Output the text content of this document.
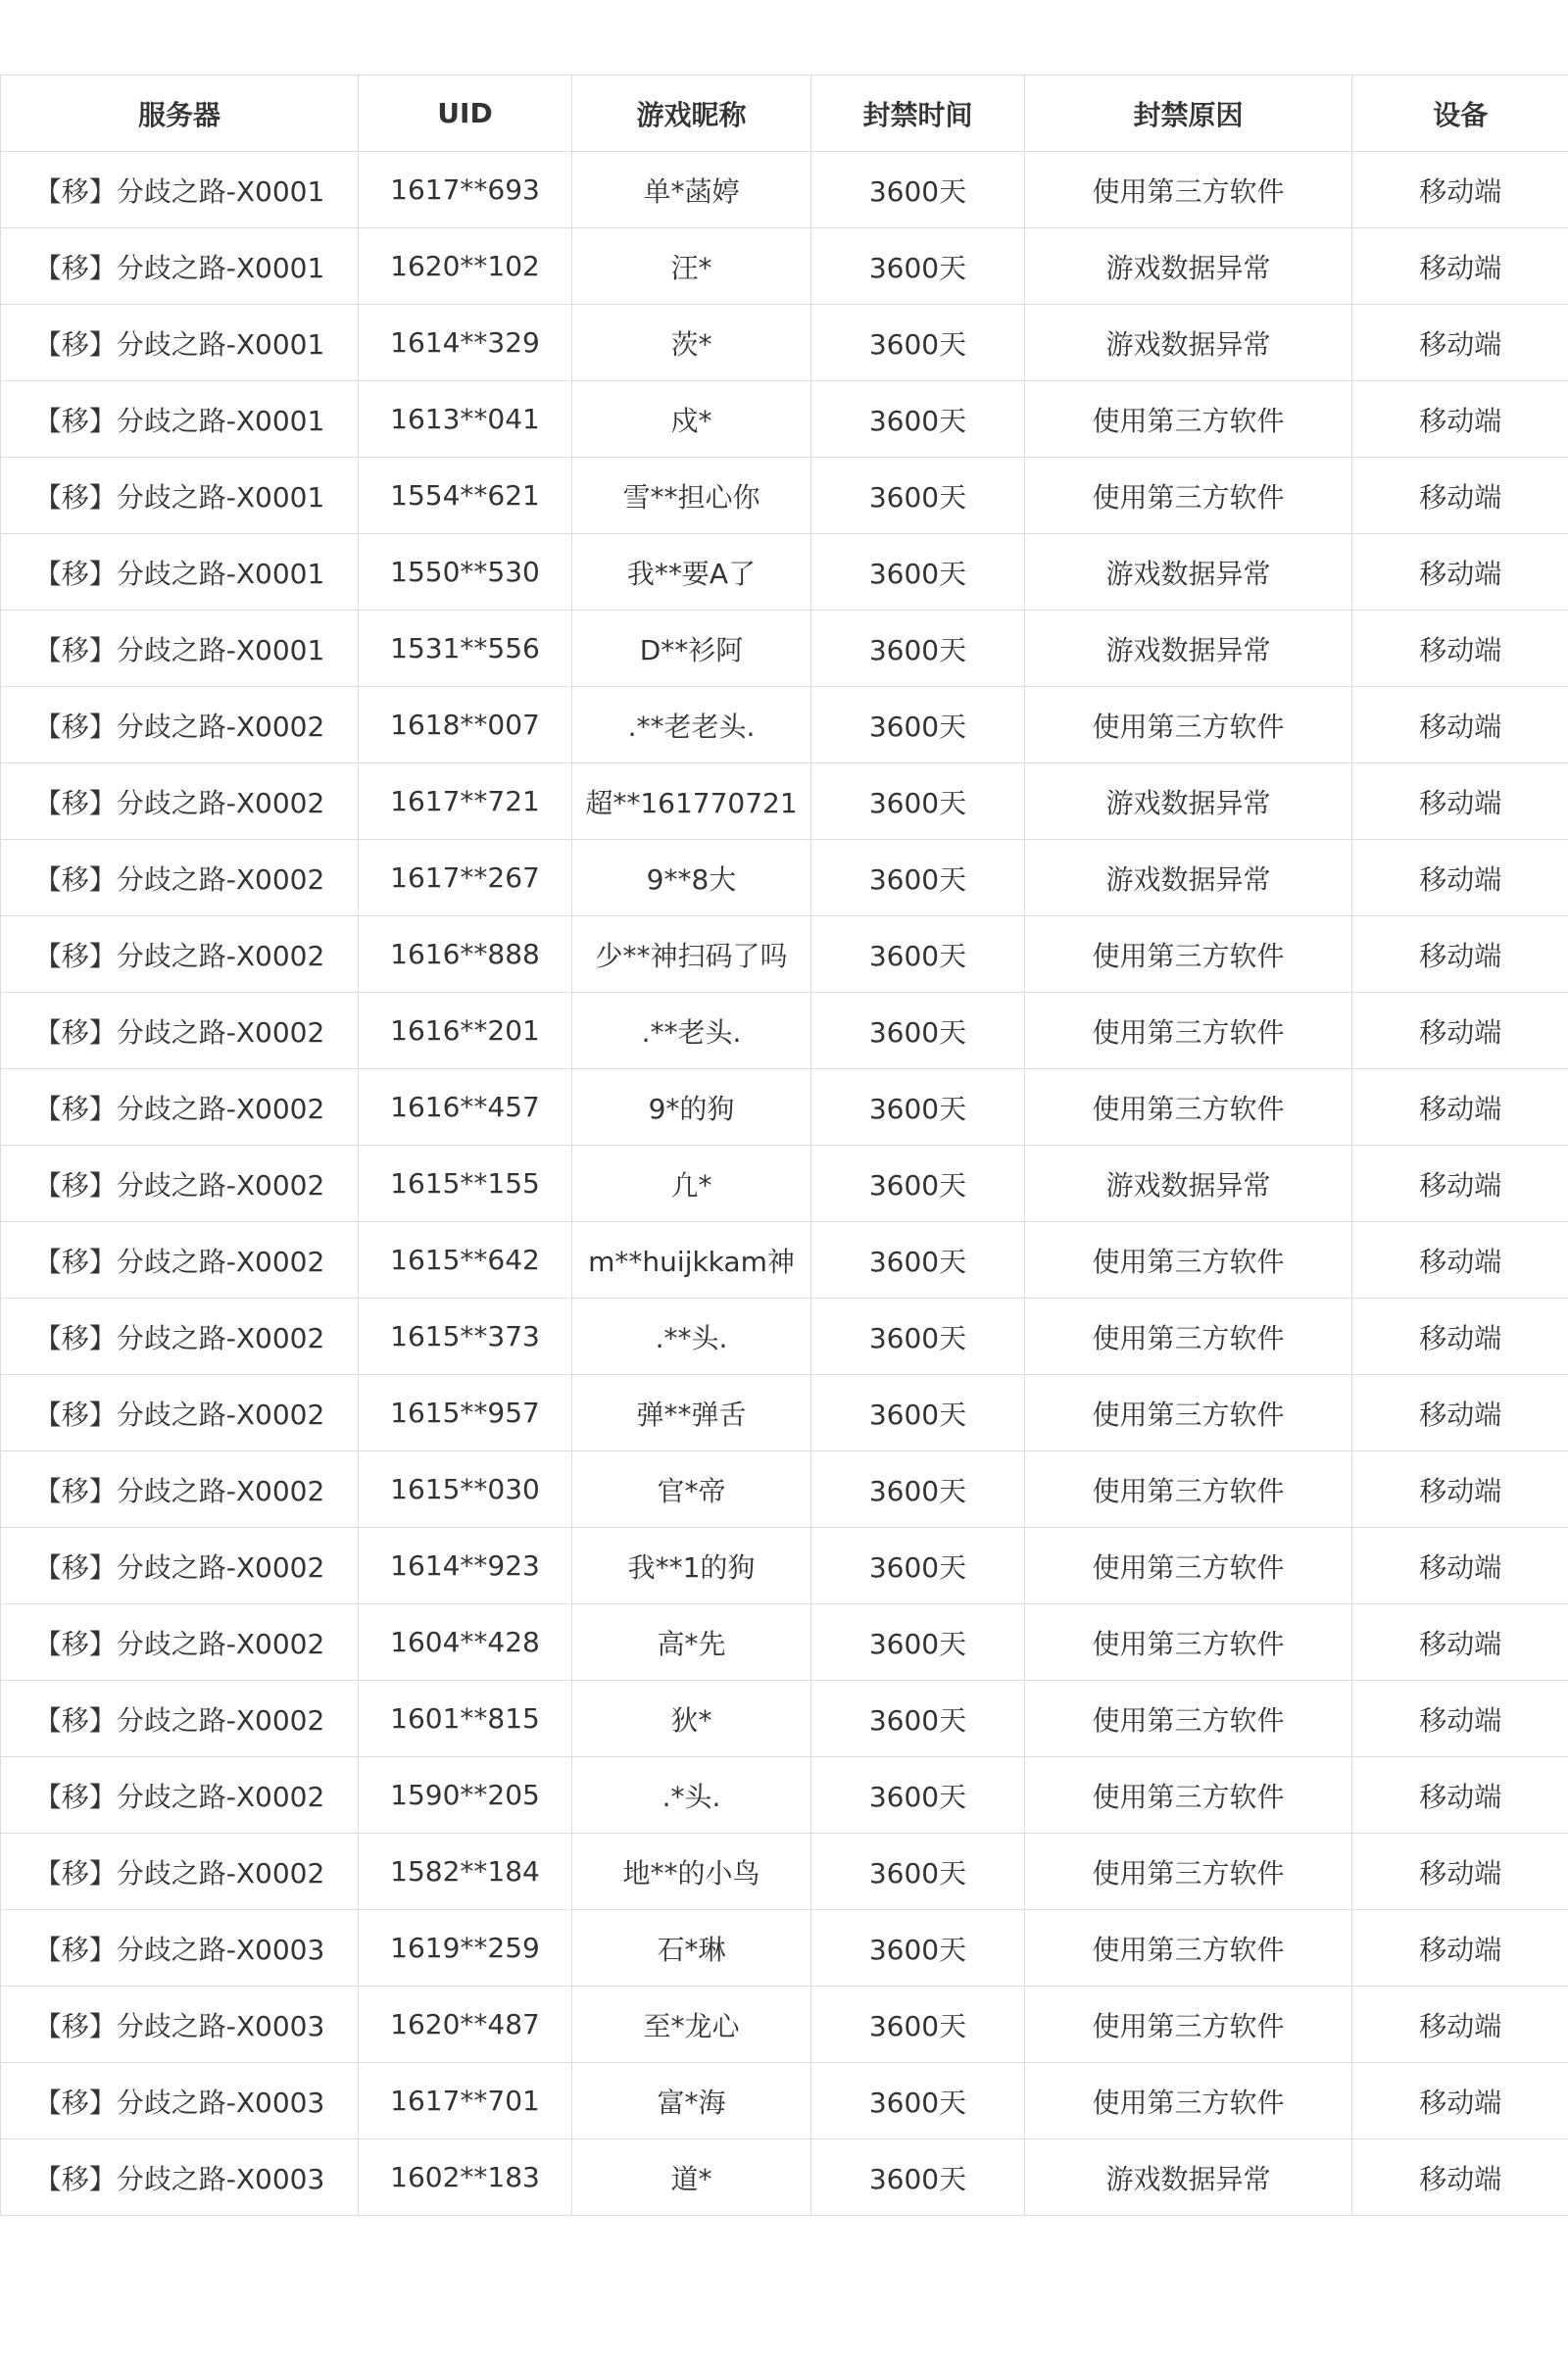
服务器	UID	游戏昵称	封禁时间	封禁原因	设备
【移】分歧之路-X0001	1617**693	单*菡婷	3600天	使用第三方软件	移动端
【移】分歧之路-X0001	1620**102	汪*	3600天	游戏数据异常	移动端
【移】分歧之路-X0001	1614**329	茨*	3600天	游戏数据异常	移动端
【移】分歧之路-X0001	1613**041	戍*	3600天	使用第三方软件	移动端
【移】分歧之路-X0001	1554**621	雪**担心你	3600天	使用第三方软件	移动端
【移】分歧之路-X0001	1550**530	我**要A了	3600天	游戏数据异常	移动端
【移】分歧之路-X0001	1531**556	D**衫阿	3600天	游戏数据异常	移动端
【移】分歧之路-X0002	1618**007	.**老老头.	3600天	使用第三方软件	移动端
【移】分歧之路-X0002	1617**721	超**161770721	3600天	游戏数据异常	移动端
【移】分歧之路-X0002	1617**267	9**8大	3600天	游戏数据异常	移动端
【移】分歧之路-X0002	1616**888	少**神扫码了吗	3600天	使用第三方软件	移动端
【移】分歧之路-X0002	1616**201	.**老头.	3600天	使用第三方软件	移动端
【移】分歧之路-X0002	1616**457	9*的狗	3600天	使用第三方软件	移动端
【移】分歧之路-X0002	1615**155	凢*	3600天	游戏数据异常	移动端
【移】分歧之路-X0002	1615**642	m**huijkkam神	3600天	使用第三方软件	移动端
【移】分歧之路-X0002	1615**373	.**头.	3600天	使用第三方软件	移动端
【移】分歧之路-X0002	1615**957	弹**弹舌	3600天	使用第三方软件	移动端
【移】分歧之路-X0002	1615**030	官*帝	3600天	使用第三方软件	移动端
【移】分歧之路-X0002	1614**923	我**1的狗	3600天	使用第三方软件	移动端
【移】分歧之路-X0002	1604**428	高*先	3600天	使用第三方软件	移动端
【移】分歧之路-X0002	1601**815	狄*	3600天	使用第三方软件	移动端
【移】分歧之路-X0002	1590**205	.*头.	3600天	使用第三方软件	移动端
【移】分歧之路-X0002	1582**184	地**的小鸟	3600天	使用第三方软件	移动端
【移】分歧之路-X0003	1619**259	石*琳	3600天	使用第三方软件	移动端
【移】分歧之路-X0003	1620**487	至*龙心	3600天	使用第三方软件	移动端
【移】分歧之路-X0003	1617**701	富*海	3600天	使用第三方软件	移动端
【移】分歧之路-X0003	1602**183	道*	3600天	游戏数据异常	移动端
